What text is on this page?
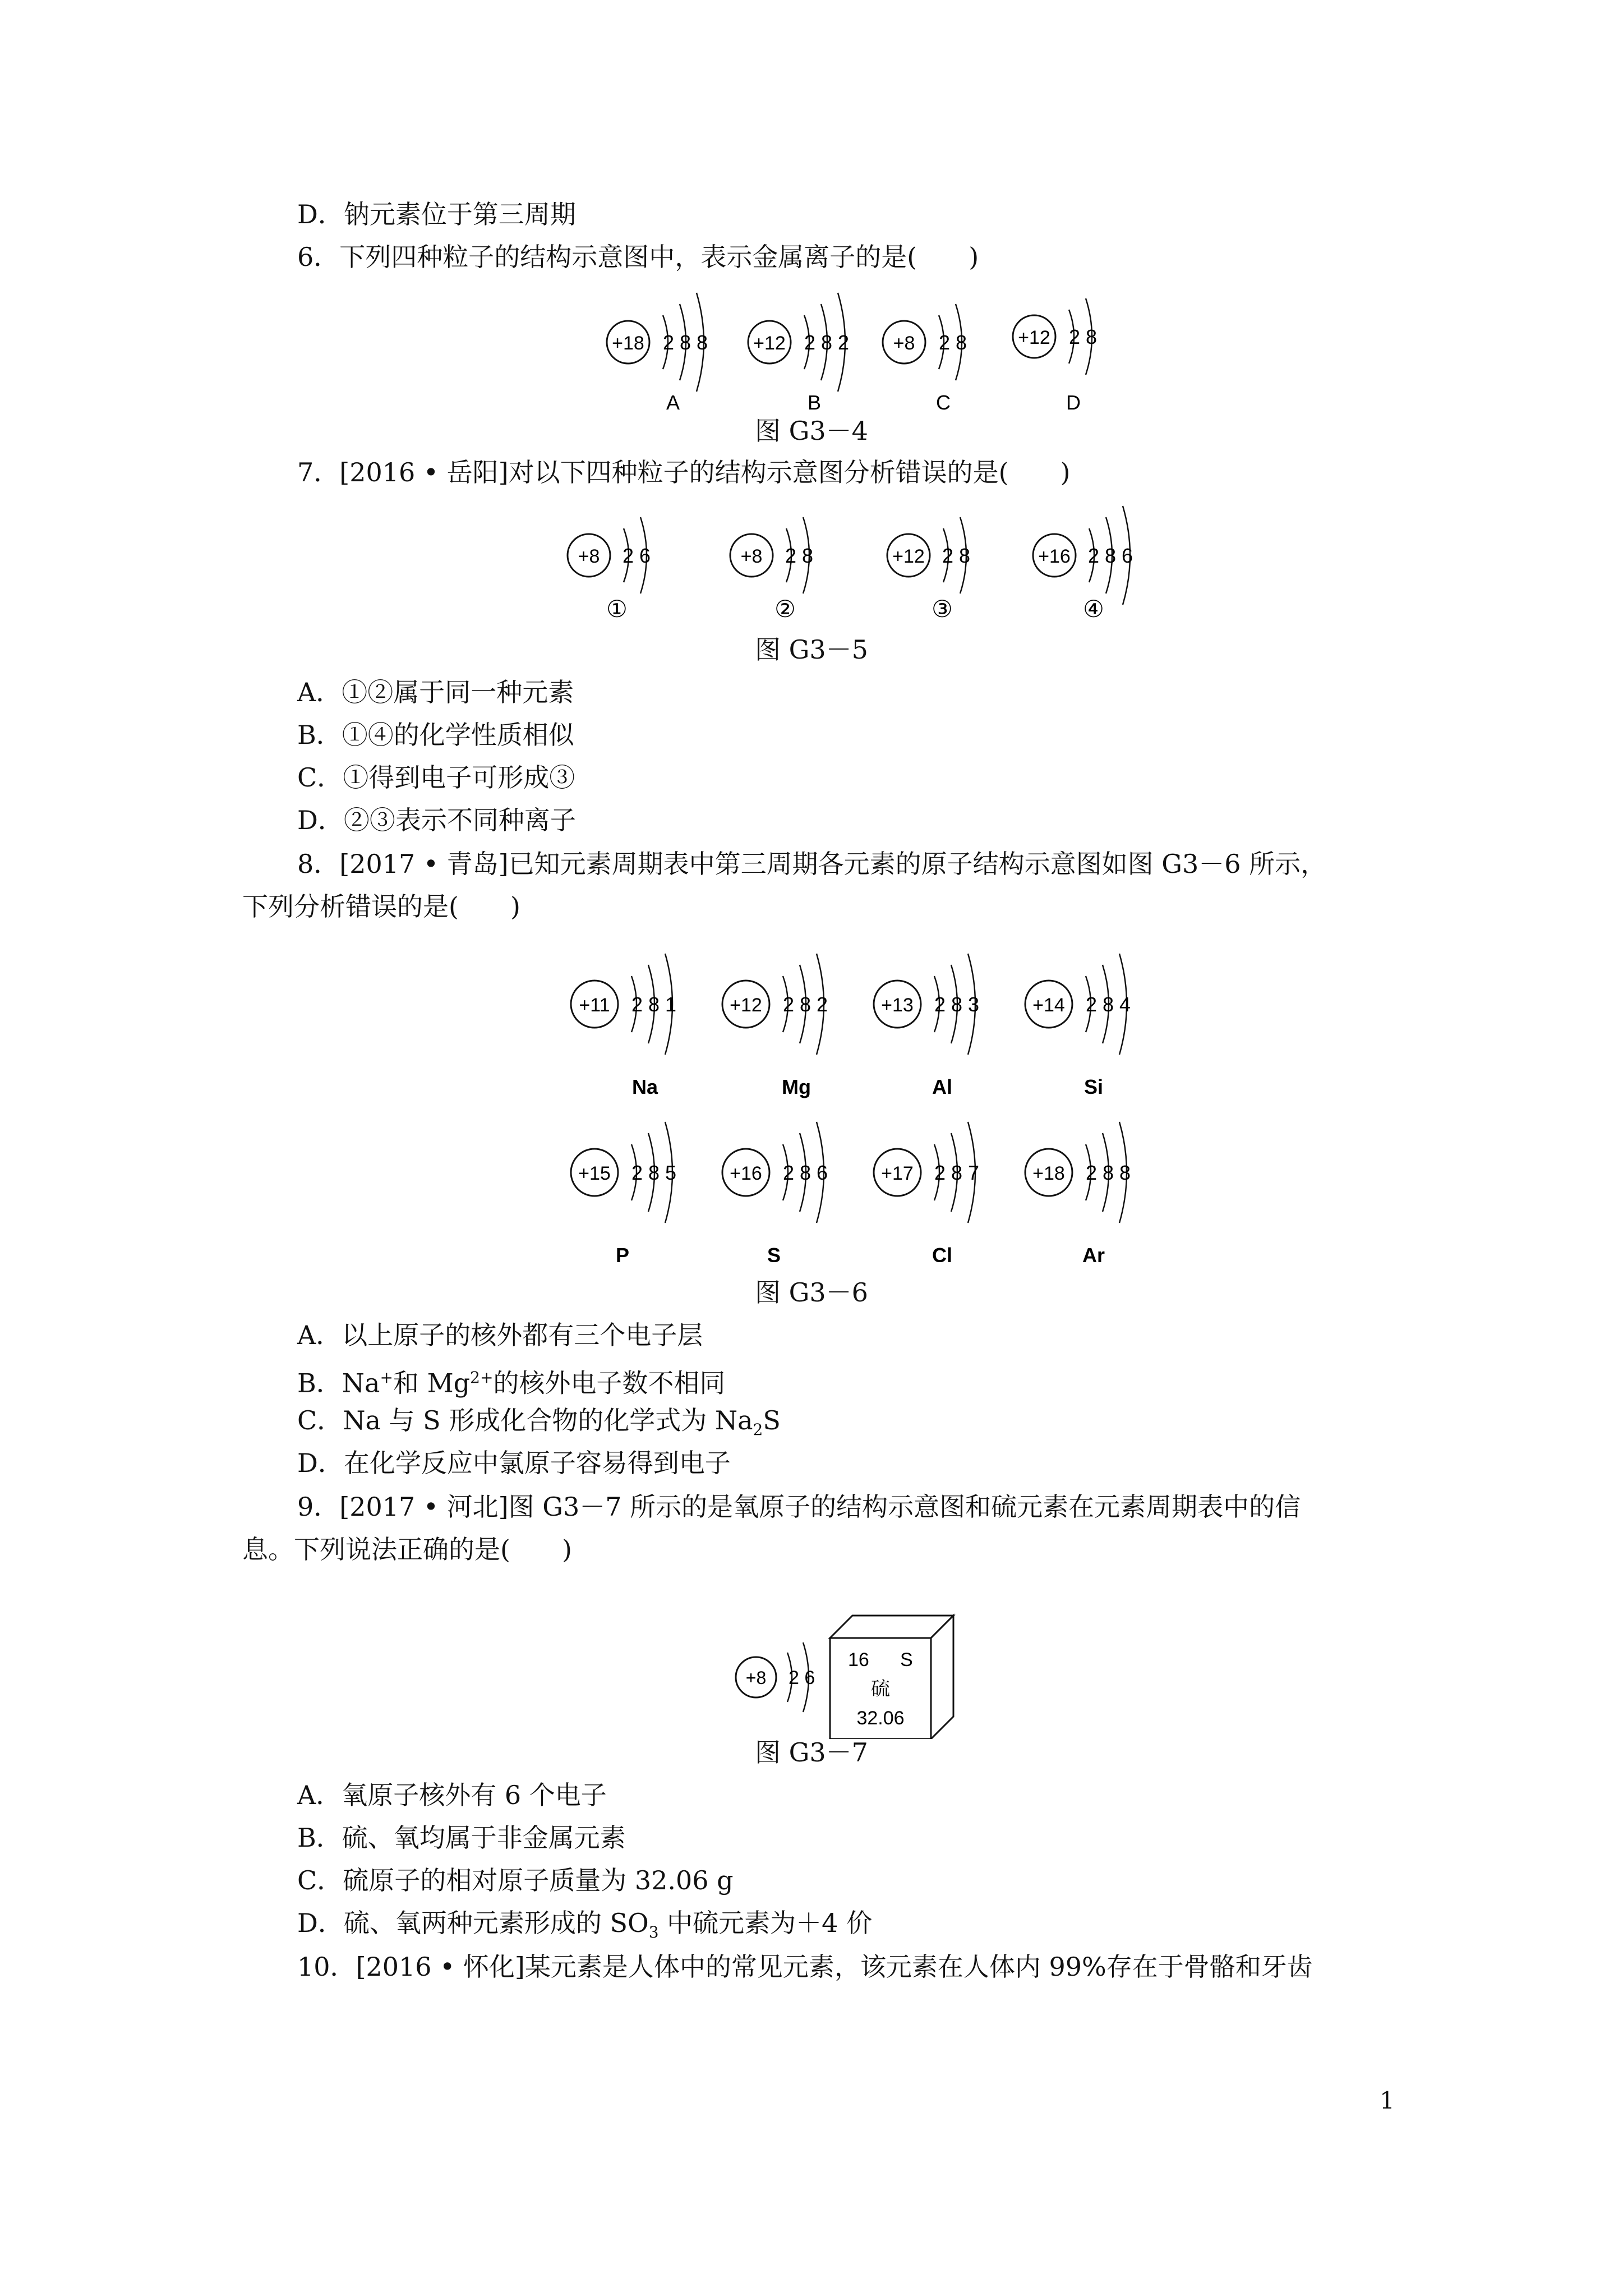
D．钠元素位于第三周期
6．下列四种粒子的结构示意图中，表示金属离子的是(　　)
+18 2 8 8
A
+12 2 8 2
B
+8 2 8
C
+12 2 8
D
图 G3－4
7．[2016 • 岳阳]对以下四种粒子的结构示意图分析错误的是(　　)
+8 2 6
①
+8 2 8
②
+12 2 8
③
+16 2 8 6
④
图 G3－5
A．①②属于同一种元素
B．①④的化学性质相似
C．①得到电子可形成③
D．②③表示不同种离子
8．[2017 • 青岛]已知元素周期表中第三周期各元素的原子结构示意图如图 G3－6 所示，
下列分析错误的是(　　)
+11 2 8 1
Na
+12 2 8 2
Mg
+13 2 8 3
Al
+14 2 8 4
Si
+15 2 8 5
P
+16 2 8 6
S
+17 2 8 7
Cl
+18 2 8 8
Ar
图 G3－6
A．以上原子的核外都有三个电子层
B．Na+和 $Mg^{2+}$的核外电子数不相同
C．Na 与 S 形成化合物的化学式为 $Na_2S$
D．在化学反应中氯原子容易得到电子
9．[2017 • 河北]图 G3－7 所示的是氧原子的结构示意图和硫元素在元素周期表中的信
息。下列说法正确的是(　　)
+8 2 6
16 S
硫
32.06
图 G3－7
A．氧原子核外有 6 个电子
B．硫、氧均属于非金属元素
C．硫原子的相对原子质量为 32.06 g
D．硫、氧两种元素形成的 $SO_3$ 中硫元素为＋4 价
10．[2016 • 怀化]某元素是人体中的常见元素，该元素在人体内 99%存在于骨骼和牙齿
1
